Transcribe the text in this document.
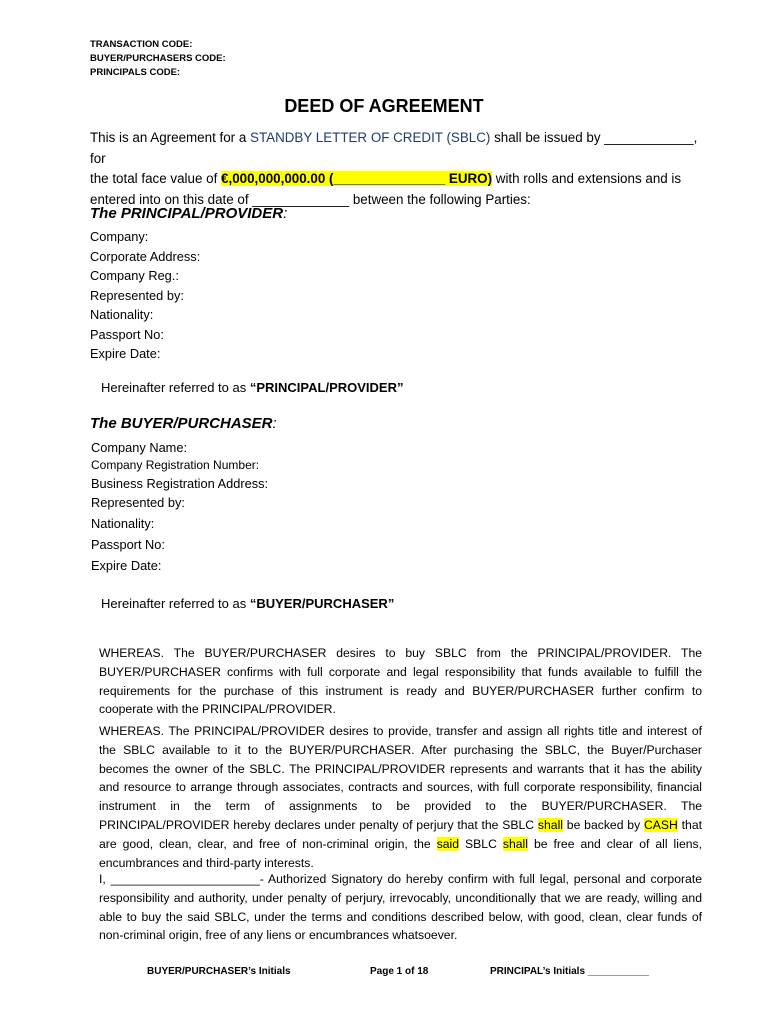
TRANSACTION CODE:
BUYER/PURCHASERS CODE:
PRINCIPALS CODE:
DEED OF AGREEMENT
This is an Agreement for a STANDBY LETTER OF CREDIT (SBLC) shall be issued by ____________, for
the total face value of €,000,000,000.00 (_______________ EURO) with rolls and extensions and is
entered into on this date of _____________ between the following Parties:
The PRINCIPAL/PROVIDER:
Company:
Corporate Address:
Company Reg.:
Represented by:
Nationality:
Passport No:
Expire Date:
Hereinafter referred to as “PRINCIPAL/PROVIDER”
The BUYER/PURCHASER:
Company Name:
Company Registration Number:
Business Registration Address:
Represented by:
Nationality:
Passport No:
Expire Date:
Hereinafter referred to as “BUYER/PURCHASER”
WHEREAS. The BUYER/PURCHASER desires to buy SBLC from the PRINCIPAL/PROVIDER. The BUYER/PURCHASER confirms with full corporate and legal responsibility that funds available to fulfill the requirements for the purchase of this instrument is ready and BUYER/PURCHASER further confirm to cooperate with the PRINCIPAL/PROVIDER.
WHEREAS. The PRINCIPAL/PROVIDER desires to provide, transfer and assign all rights title and interest of the SBLC available to it to the BUYER/PURCHASER. After purchasing the SBLC, the Buyer/Purchaser becomes the owner of the SBLC. The PRINCIPAL/PROVIDER represents and warrants that it has the ability and resource to arrange through associates, contracts and sources, with full corporate responsibility, financial instrument in the term of assignments to be provided to the BUYER/PURCHASER. The PRINCIPAL/PROVIDER hereby declares under penalty of perjury that the SBLC shall be backed by CASH that are good, clean, clear, and free of non-criminal origin, the said SBLC shall be free and clear of all liens, encumbrances and third-party interests.
I, ______________________- Authorized Signatory do hereby confirm with full legal, personal and corporate responsibility and authority, under penalty of perjury, irrevocably, unconditionally that we are ready, willing and able to buy the said SBLC, under the terms and conditions described below, with good, clean, clear funds of non-criminal origin, free of any liens or encumbrances whatsoever.
BUYER/PURCHASER’s Initials	Page 1 of 18	PRINCIPAL’s Initials ___________
